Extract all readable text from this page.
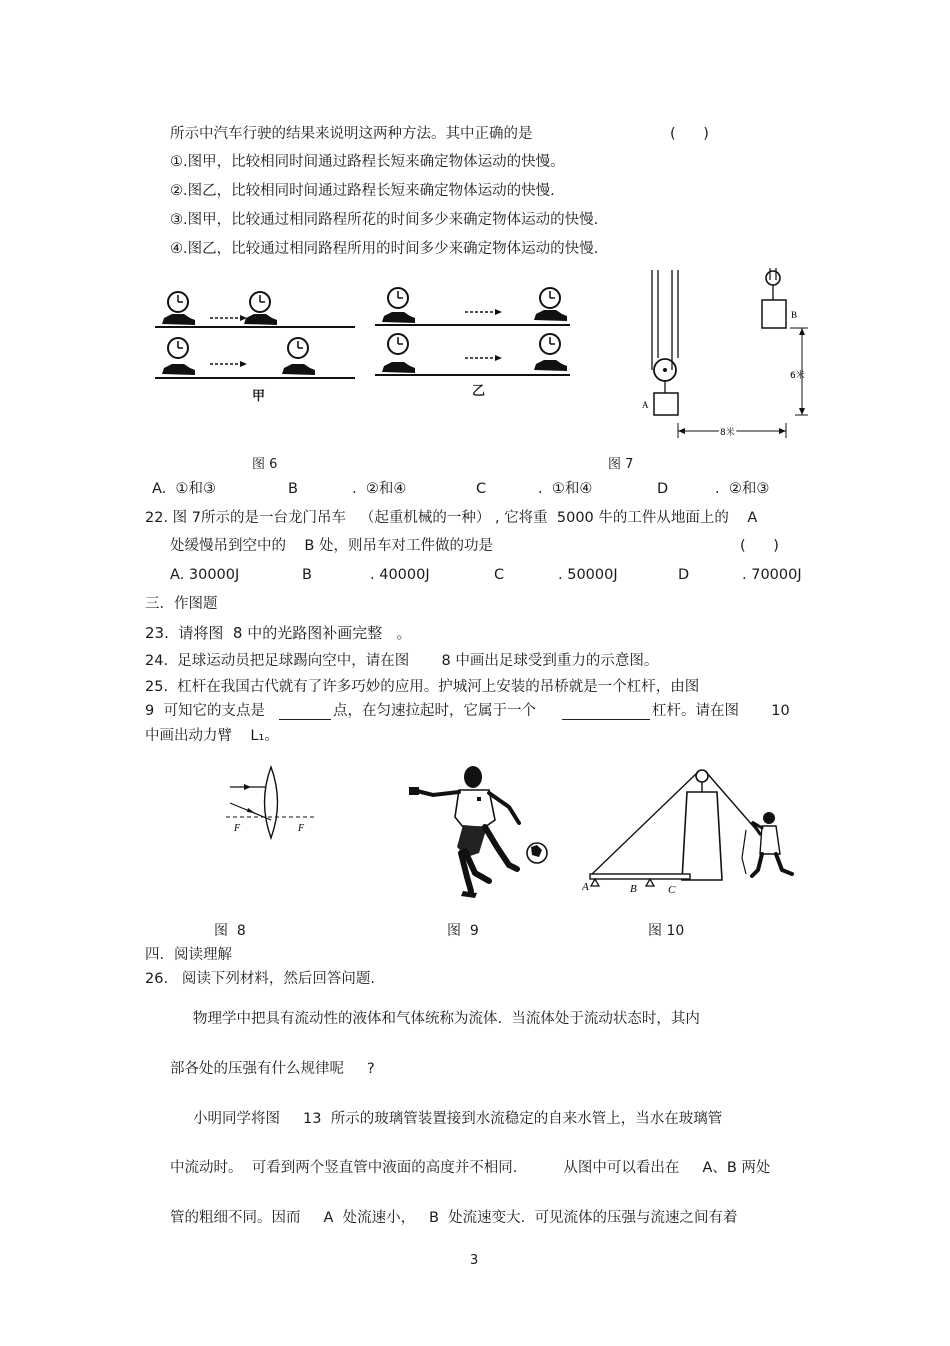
所示中汽车行驶的结果来说明这两种方法。其中正确的是	(      )
①.图甲，比较相同时间通过路程长短来确定物体运动的快慢。
②.图乙，比较相同时间通过路程长短来确定物体运动的快慢.
③.图甲，比较通过相同路程所花的时间多少来确定物体运动的快慢.
④.图乙，比较通过相同路程所用的时间多少来确定物体运动的快慢.
甲	乙
图 6
A
B
6米
8米
图 7
A.  ①和③	B	.  ②和④	C	.  ①和④	D	.  ②和③
22. 图 7所示的是一台龙门吊车   （起重机械的一种） , 它将重  5000 牛的工件从地面上的    A
处缓慢吊到空中的    B 处，则吊车对工件做的功是	(      )
A. 30000J	B	. 40000J	C	. 50000J	D	. 70000J
三．作图题
23.  请将图  8 中的光路图补画完整   。
24.  足球运动员把足球踢向空中，请在图       8 中画出足球受到重力的示意图。
25.  杠杆在我国古代就有了许多巧妙的应用。护城河上安装的吊桥就是一个杠杆，由图
9  可知它的支点是	点，在匀速拉起时，它属于一个	杠杆。请在图       10
中画出动力臂    L₁。
F	F
A	B	C
图  8	图  9	图 10
四．阅读理解
26.   阅读下列材料，然后回答问题.
物理学中把具有流动性的液体和气体统称为流体.  当流体处于流动状态时，其内
部各处的压强有什么规律呢     ?
小明同学将图     13  所示的玻璃管装置接到水流稳定的自来水管上，当水在玻璃管
中流动时。  可看到两个竖直管中液面的高度并不相同.          从图中可以看出在     A、B 两处
管的粗细不同。因而     A  处流速小，   B  处流速变大.  可见流体的压强与流速之间有着
3
